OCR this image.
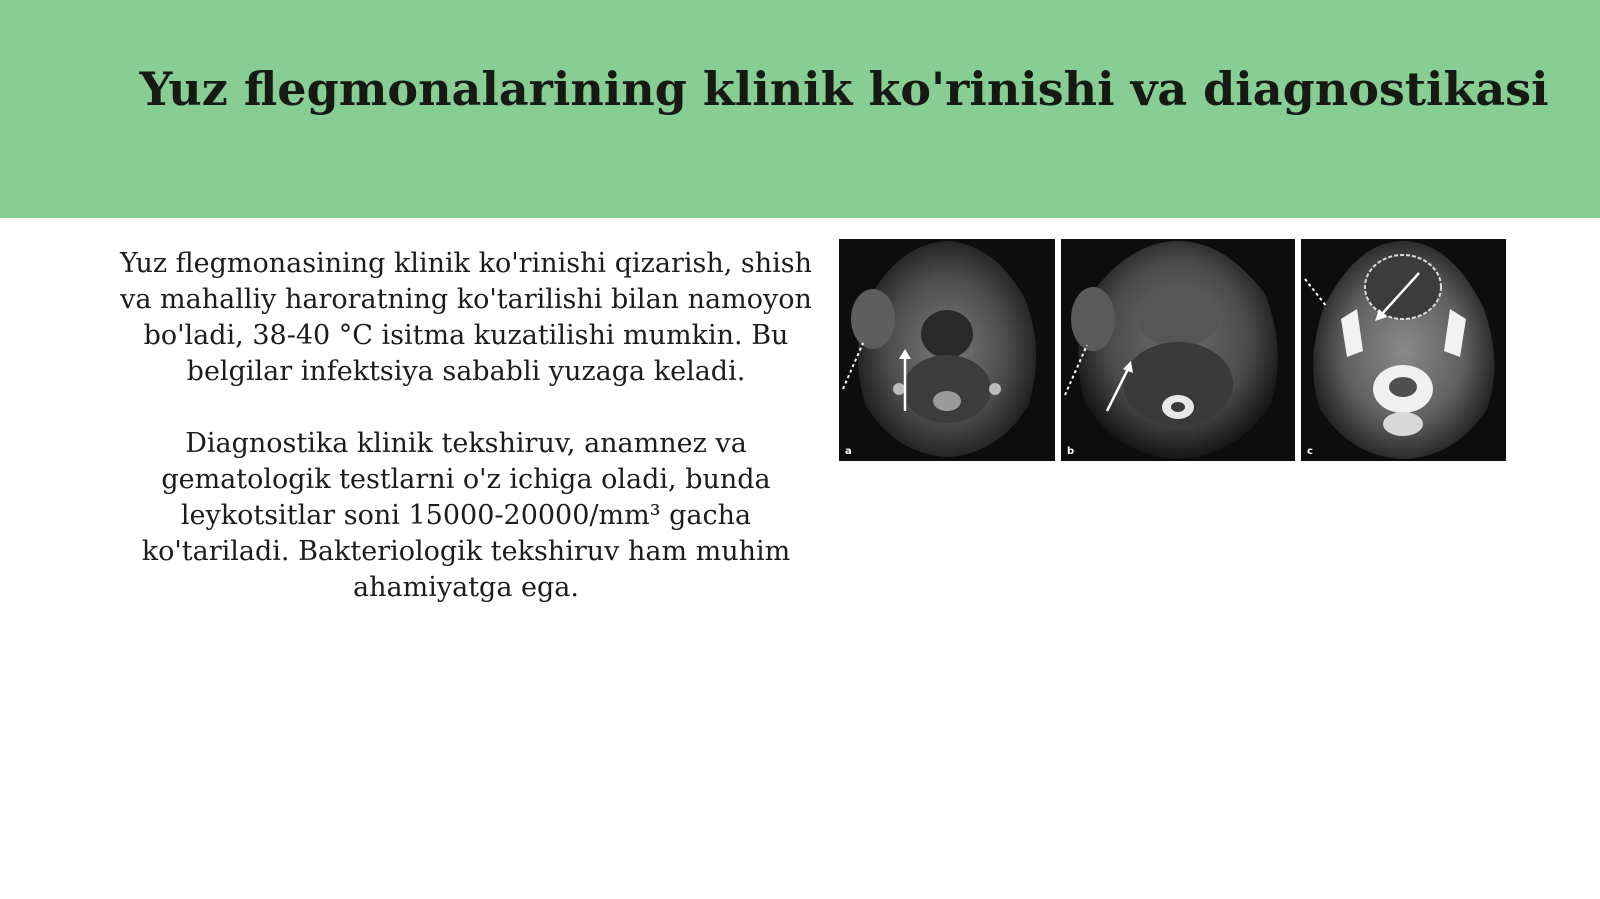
Yuz flegmonalarining klinik ko'rinishi va diagnostikasi

Yuz flegmonasining klinik ko'rinishi qizarish, shish va mahalliy haroratning ko'tarilishi bilan namoyon bo'ladi, 38-40 °C isitma kuzatilishi mumkin. Bu belgilar infektsiya sababli yuzaga keladi.

Diagnostika klinik tekshiruv, anamnez va gematologik testlarni o'z ichiga oladi, bunda leykotsitlar soni 15000-20000/mm³ gacha ko'tariladi. Bakteriologik tekshiruv ham muhim ahamiyatga ega.

a	b	c
